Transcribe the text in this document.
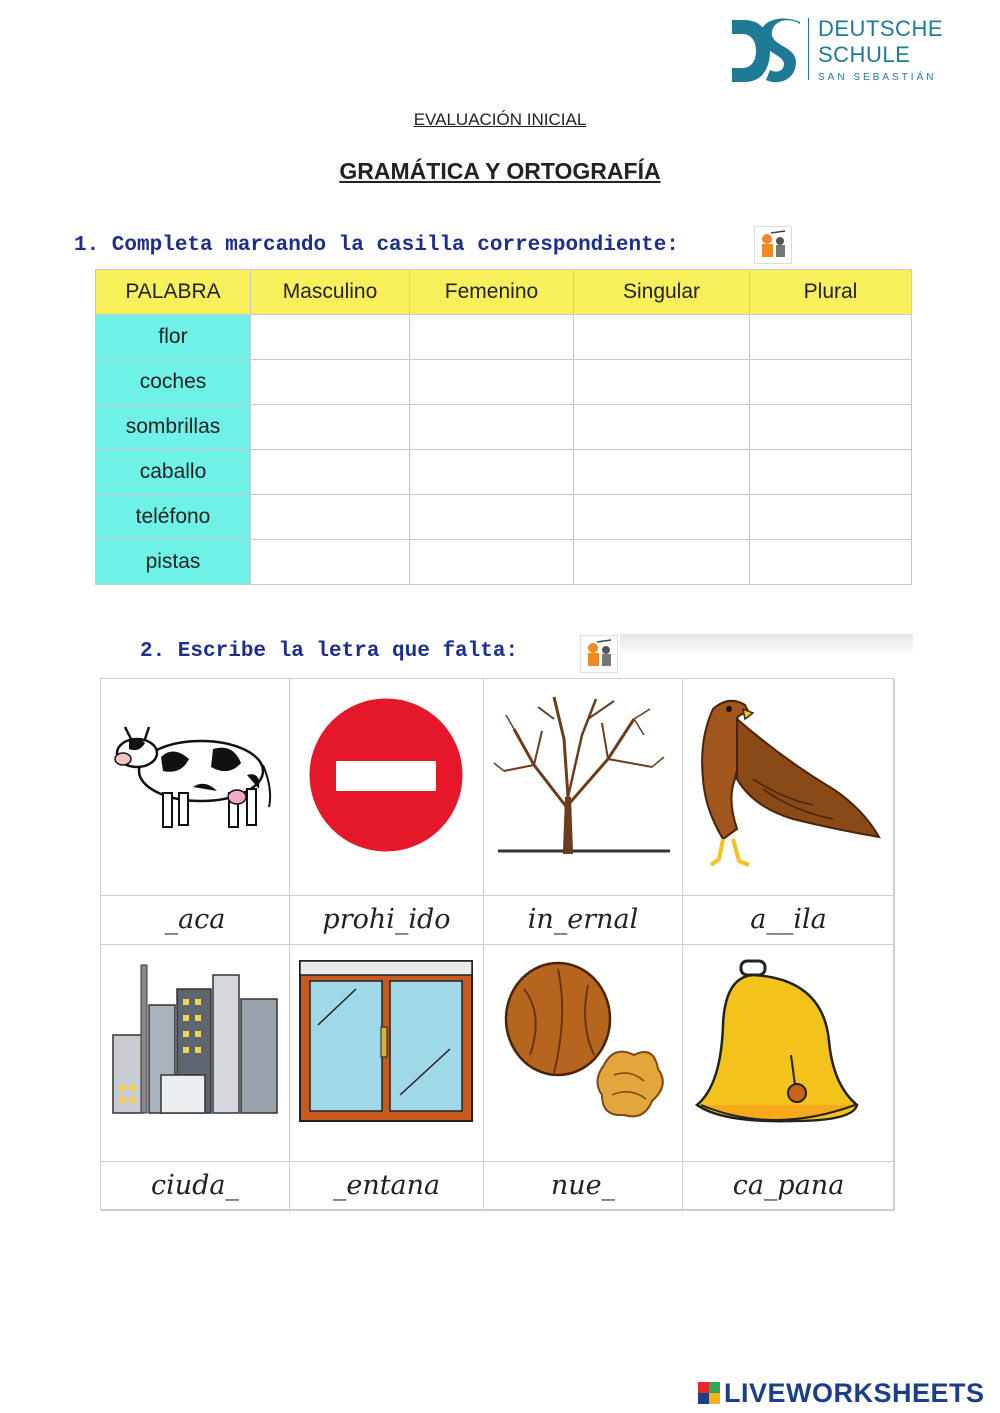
DEUTSCHE
SCHULE
SAN SEBASTIÁN
EVALUACIÓN INICIAL
GRAMÁTICA Y ORTOGRAFÍA
1. Completa marcando la casilla correspondiente:
PALABRA	Masculino	Femenino	Singular	Plural
flor				
coches				
sombrillas				
caballo				
teléfono				
pistas				
2. Escribe la letra que falta:
_aca	prohi_ido	in_ernal	a__ila
ciuda_	_entana	nue_	ca_pana
LIVEWORKSHEETS
